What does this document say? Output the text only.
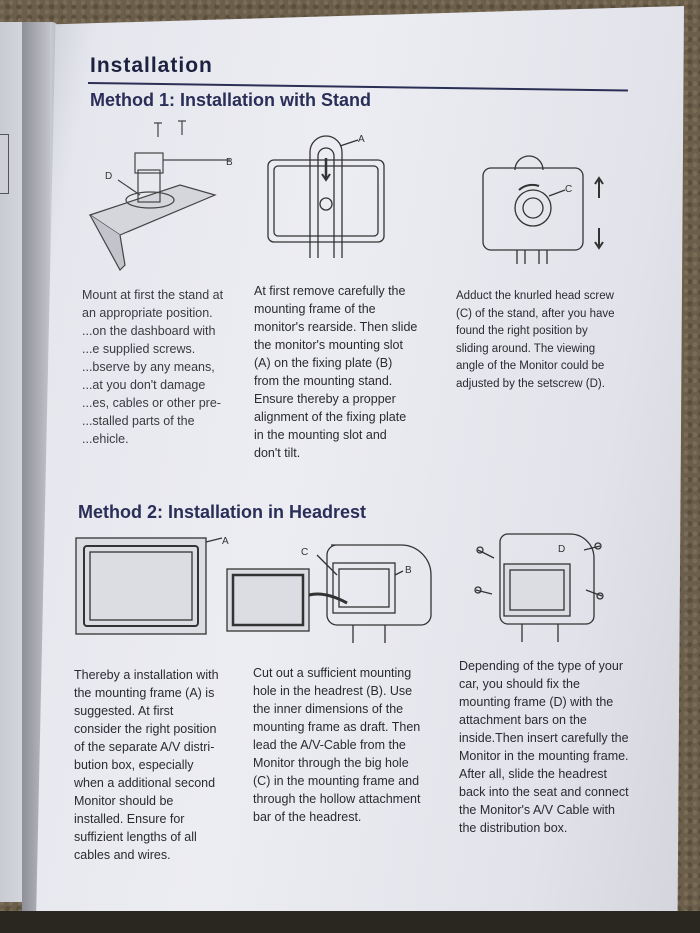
Installation
Method 1: Installation with Stand
B
D
A
C
Mount at first the stand at
an appropriate position.
...on the dashboard with
...e supplied screws.
...bserve by any means,
...at you don't damage
...es, cables or other pre-
...stalled parts of the
...ehicle.
At first remove carefully the
mounting frame of the
monitor's rearside. Then slide
the monitor's mounting slot
(A) on the fixing plate (B)
from the mounting stand.
Ensure thereby a propper
alignment of the fixing plate
in the mounting slot and
don't tilt.
Adduct the knurled head screw
(C) of the stand, after you have
found the right position by
sliding around. The viewing
angle of the Monitor could be
adjusted by the setscrew (D).
Method 2: Installation in Headrest
A
C
B
D
Thereby a installation with
the mounting frame (A) is
suggested. At first
consider the right position
of the separate A/V distri-
bution box, especially
when a additional second
Monitor should be
installed. Ensure for
suffizient lengths of all
cables and wires.
Cut out a sufficient mounting
hole in the headrest (B). Use
the inner dimensions of the
mounting frame as draft. Then
lead the A/V-Cable from the
Monitor through the big hole
(C) in the mounting frame and
through the hollow attachment
bar of the headrest.
Depending of the type of your
car, you should fix the
mounting frame (D) with the
attachment bars on the
inside.Then insert carefully the
Monitor in the mounting frame.
After all, slide the headrest
back into the seat and connect
the Monitor's A/V Cable with
the distribution box.
